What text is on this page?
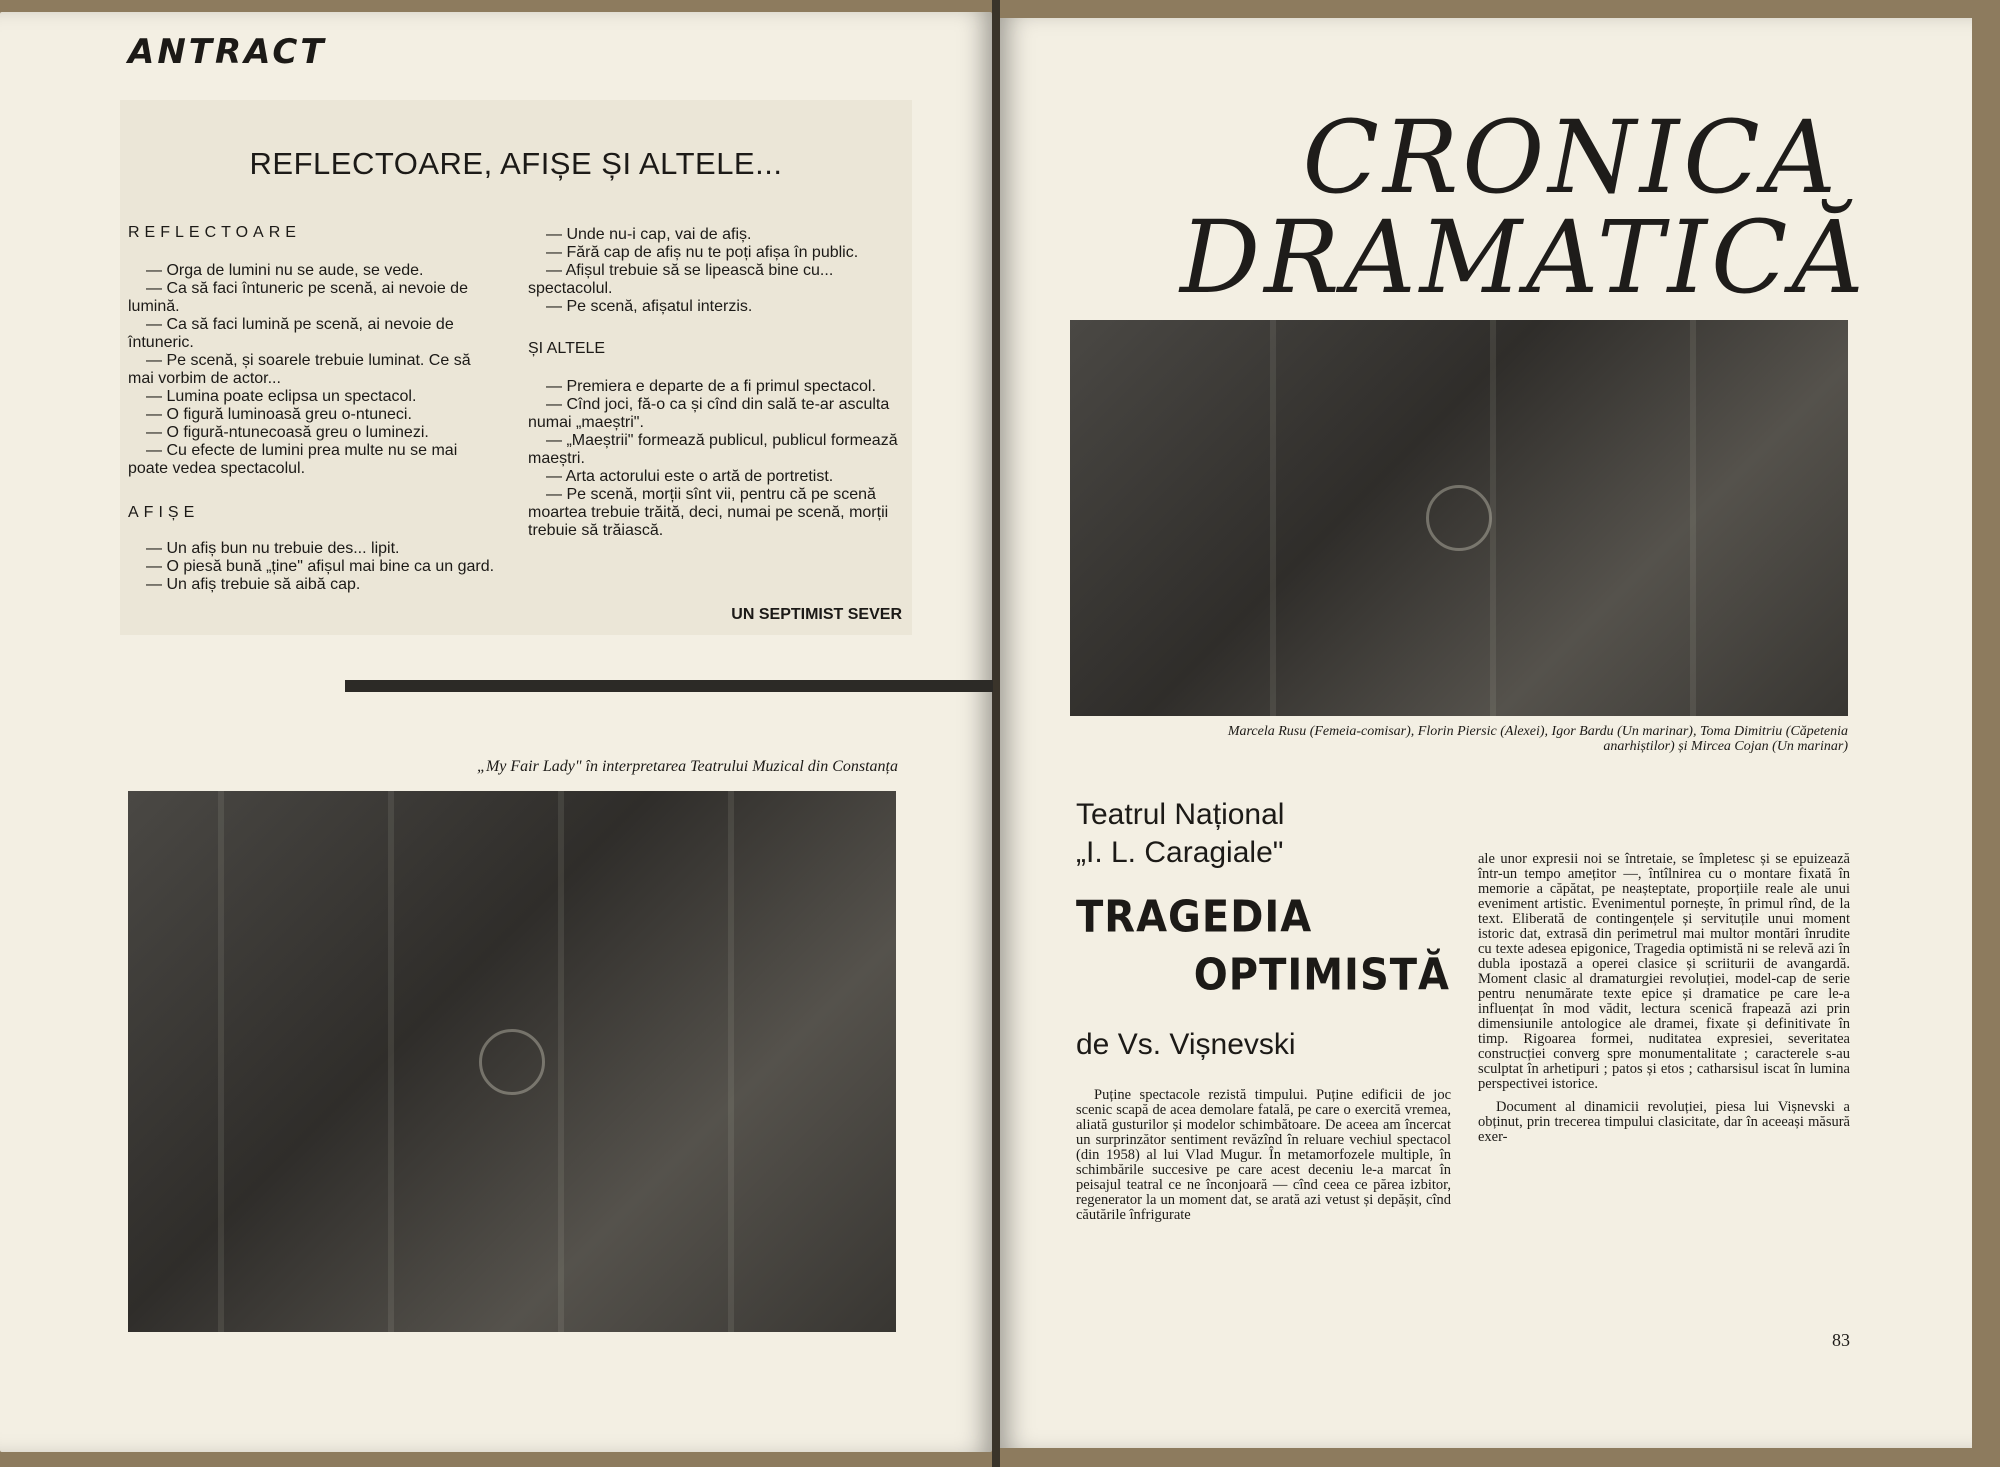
ANTRACT
REFLECTOARE, AFIȘE ȘI ALTELE...

REFLECTOARE

— Orga de lumini nu se aude, se vede.

— Ca să faci întuneric pe scenă, ai nevoie de lumină.

— Ca să faci lumină pe scenă, ai nevoie de întuneric.

— Pe scenă, și soarele trebuie luminat. Ce să mai vorbim de actor...

— Lumina poate eclipsa un spectacol.

— O figură luminoasă greu o-ntuneci.

— O figură-ntunecoasă greu o luminezi.

— Cu efecte de lumini prea multe nu se mai poate vedea spectacolul.

AFIȘE

— Un afiș bun nu trebuie des... lipit.

— O piesă bună „ține" afișul mai bine ca un gard.

— Un afiș trebuie să aibă cap.

— Unde nu-i cap, vai de afiș.

— Fără cap de afiș nu te poți afișa în public.

— Afișul trebuie să se lipească bine cu... spectacolul.

— Pe scenă, afișatul interzis.

ȘI ALTELE

— Premiera e departe de a fi primul spectacol.

— Cînd joci, fă-o ca și cînd din sală te-ar asculta numai „maeștri".

— „Maeștrii" formează publicul, publicul formează maeștri.

— Arta actorului este o artă de portretist.

— Pe scenă, morții sînt vii, pentru că pe scenă moartea trebuie trăită, deci, numai pe scenă, morții trebuie să trăiască.

UN SEPTIMIST SEVER
„My Fair Lady" în interpretarea Teatrului Muzical din Constanța
CRONICA
DRAMATICĂ
Marcela Rusu (Femeia-comisar), Florin Piersic (Alexei), Igor Bardu (Un marinar), Toma Dimitriu (Căpetenia anarhiștilor) și Mircea Cojan (Un marinar)
Teatrul Național
„I. L. Caragiale"
TRAGEDIA
OPTIMISTĂ
de Vs. Vișnevski

Puține spectacole rezistă timpului. Puține edificii de joc scenic scapă de acea demolare fatală, pe care o exercită vremea, aliată gusturilor și modelor schimbătoare. De aceea am încercat un surprinzător sentiment revăzînd în reluare vechiul spectacol (din 1958) al lui Vlad Mugur. În metamorfozele multiple, în schimbările succesive pe care acest deceniu le-a marcat în peisajul teatral ce ne înconjoară — cînd ceea ce părea izbitor, regenerator la un moment dat, se arată azi vetust și depășit, cînd căutările înfrigurate

ale unor expresii noi se întretaie, se împletesc și se epuizează într-un tempo amețitor —, întîlnirea cu o montare fixată în memorie a căpătat, pe neașteptate, proporțiile reale ale unui eveniment artistic. Evenimentul pornește, în primul rînd, de la text. Eliberată de contingențele și servituțile unui moment istoric dat, extrasă din perimetrul mai multor montări înrudite cu texte adesea epigonice, Tragedia optimistă ni se relevă azi în dubla ipostază a operei clasice și scriiturii de avangardă. Moment clasic al dramaturgiei revoluției, model-cap de serie pentru nenumărate texte epice și dramatice pe care le-a influențat în mod vădit, lectura scenică frapează azi prin dimensiunile antologice ale dramei, fixate și definitivate în timp. Rigoarea formei, nuditatea expresiei, severitatea construcției converg spre monumentalitate ; caracterele s-au sculptat în arhetipuri ; patos și etos ; catharsisul iscat în lumina perspectivei istorice.

Document al dinamicii revoluției, piesa lui Vișnevski a obținut, prin trecerea timpului clasicitate, dar în aceeași măsură exer-

83
